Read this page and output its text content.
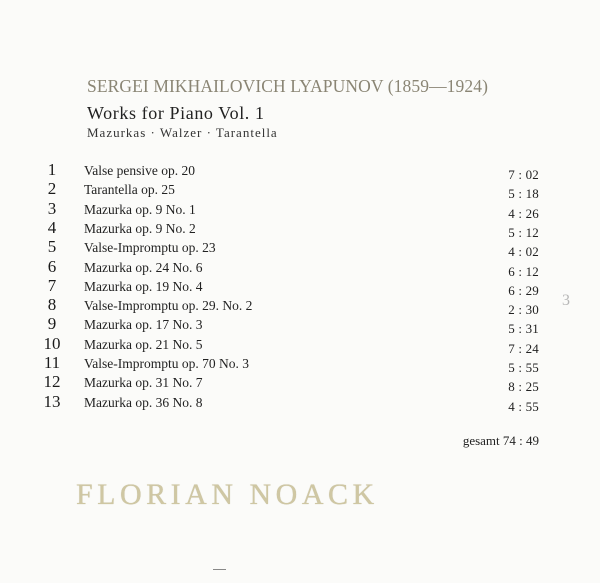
SERGEI MIKHAILOVICH LYAPUNOV (1859—1924)
Works for Piano Vol. 1
Mazurkas · Walzer · Tarantella
1	Valse pensive op. 20	7 : 02
2	Tarantella op. 25	5 : 18
3	Mazurka op. 9 No. 1	4 : 26
4	Mazurka op. 9 No. 2	5 : 12
5	Valse-Impromptu op. 23	4 : 02
6	Mazurka op. 24 No. 6	6 : 12
7	Mazurka op. 19 No. 4	6 : 29
8	Valse-Impromptu op. 29. No. 2	2 : 30
9	Mazurka op. 17 No. 3	5 : 31
10	Mazurka op. 21 No. 5	7 : 24
11	Valse-Impromptu op. 70 No. 3	5 : 55
12	Mazurka op. 31 No. 7	8 : 25
13	Mazurka op. 36 No. 8	4 : 55
gesamt 74 : 49
FLORIAN NOACK
3
